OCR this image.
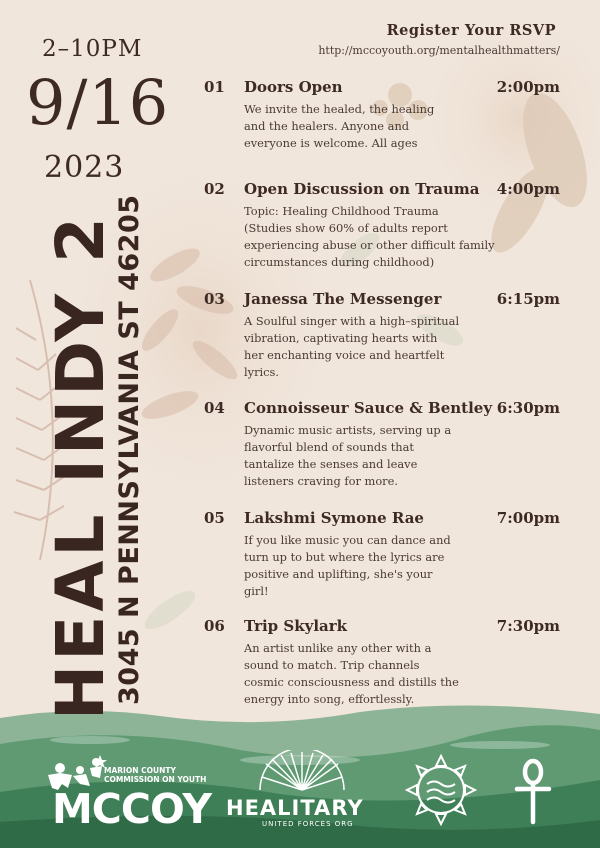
2–10PM
9/16
2023
HEAL INDY 2
3045 N PENNSYLVANIA ST 46205
Register Your RSVP
http://mccoyouth.org/mentalhealthmatters/
01 Doors Open	2:00pm
We invite the healed, the healing
and the healers. Anyone and
everyone is welcome. All ages
02 Open Discussion on Trauma 4:00pm
Topic: Healing Childhood Trauma
(Studies show 60% of adults report
experiencing abuse or other difficult family
circumstances during childhood)
03 Janessa The Messenger	6:15pm
A Soulful singer with a high–spiritual
vibration, captivating hearts with
her enchanting voice and heartfelt
lyrics.
04 Connoisseur Sauce & Bentley 6:30pm
Dynamic music artists, serving up a
flavorful blend of sounds that
tantalize the senses and leave
listeners craving for more.
05 Lakshmi Symone Rae	7:00pm
If you like music you can dance and
turn up to but where the lyrics are
positive and uplifting, she's your
girl!
06 Trip Skylark	7:30pm
An artist unlike any other with a
sound to match. Trip channels
cosmic consciousness and distills the
energy into song, effortlessly.
MARION COUNTY
COMMISSION ON YOUTH
MCCOY HEALITARY
UNITED FORCES ORG
